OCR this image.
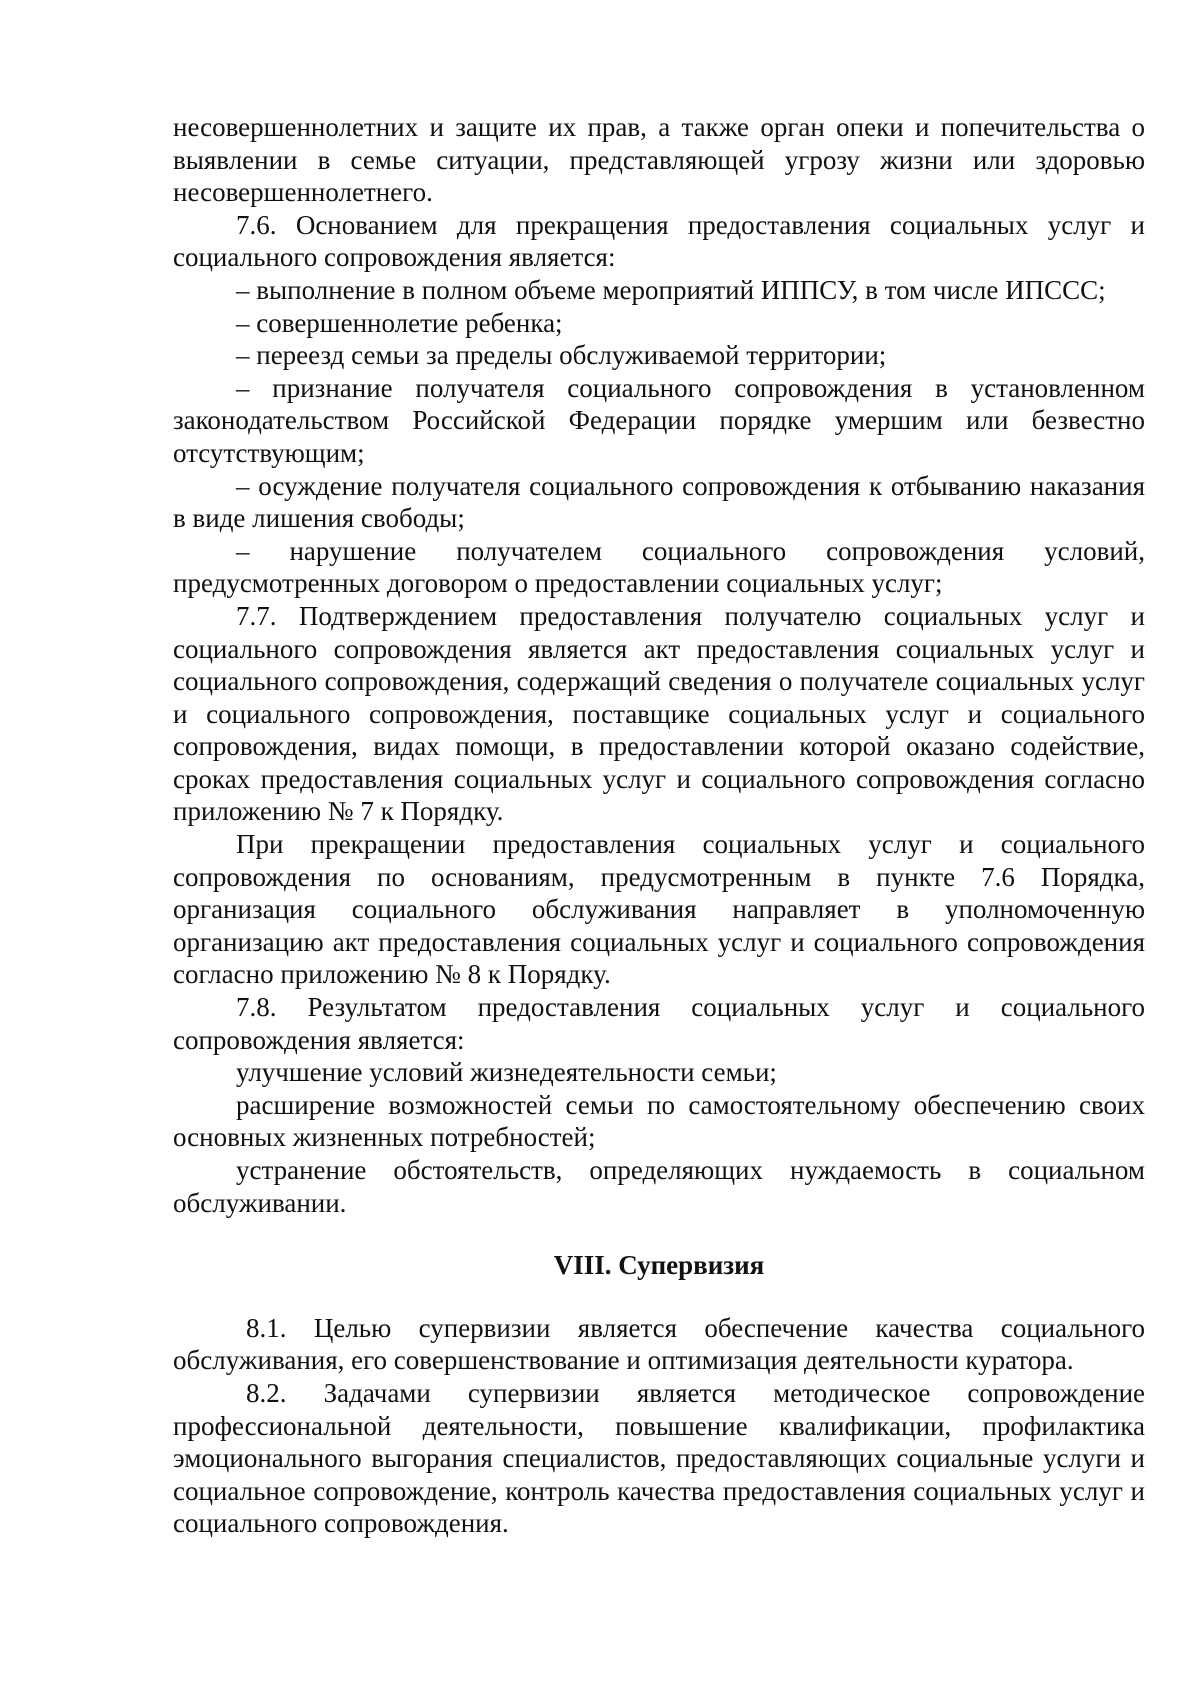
несовершеннолетних и защите их прав, а также орган опеки и попечительства о выявлении в семье ситуации, представляющей угрозу жизни или здоровью несовершеннолетнего.

7.6. Основанием для прекращения предоставления социальных услуг и социального сопровождения является:

– выполнение в полном объеме мероприятий ИППСУ, в том числе ИПССС;

– совершеннолетие ребенка;

– переезд семьи за пределы обслуживаемой территории;

– признание получателя социального сопровождения в установленном законодательством Российской Федерации порядке умершим или безвестно отсутствующим;

– осуждение получателя социального сопровождения к отбыванию наказания в виде лишения свободы;

– нарушение получателем социального сопровождения условий, предусмотренных договором о предоставлении социальных услуг;

7.7. Подтверждением предоставления получателю социальных услуг и социального сопровождения является акт предоставления социальных услуг и социального сопровождения, содержащий сведения о получателе социальных услуг и социального сопровождения, поставщике социальных услуг и социального сопровождения, видах помощи, в предоставлении которой оказано содействие, сроках предоставления социальных услуг и социального сопровождения согласно приложению № 7 к Порядку.

При прекращении предоставления социальных услуг и социального сопровождения по основаниям, предусмотренным в пункте 7.6 Порядка, организация социального обслуживания направляет в уполномоченную организацию акт предоставления социальных услуг и социального сопровождения согласно приложению № 8 к Порядку.

7.8. Результатом предоставления социальных услуг и социального сопровождения является:

улучшение условий жизнедеятельности семьи;

расширение возможностей семьи по самостоятельному обеспечению своих основных жизненных потребностей;

устранение обстоятельств, определяющих нуждаемость в социальном обслуживании.

VIII. Супервизия

8.1. Целью супервизии является обеспечение качества социального обслуживания, его совершенствование и оптимизация деятельности куратора.

8.2. Задачами супервизии является методическое сопровождение профессиональной деятельности, повышение квалификации, профилактика эмоционального выгорания специалистов, предоставляющих социальные услуги и социальное сопровождение, контроль качества предоставления социальных услуг и социального сопровождения.
